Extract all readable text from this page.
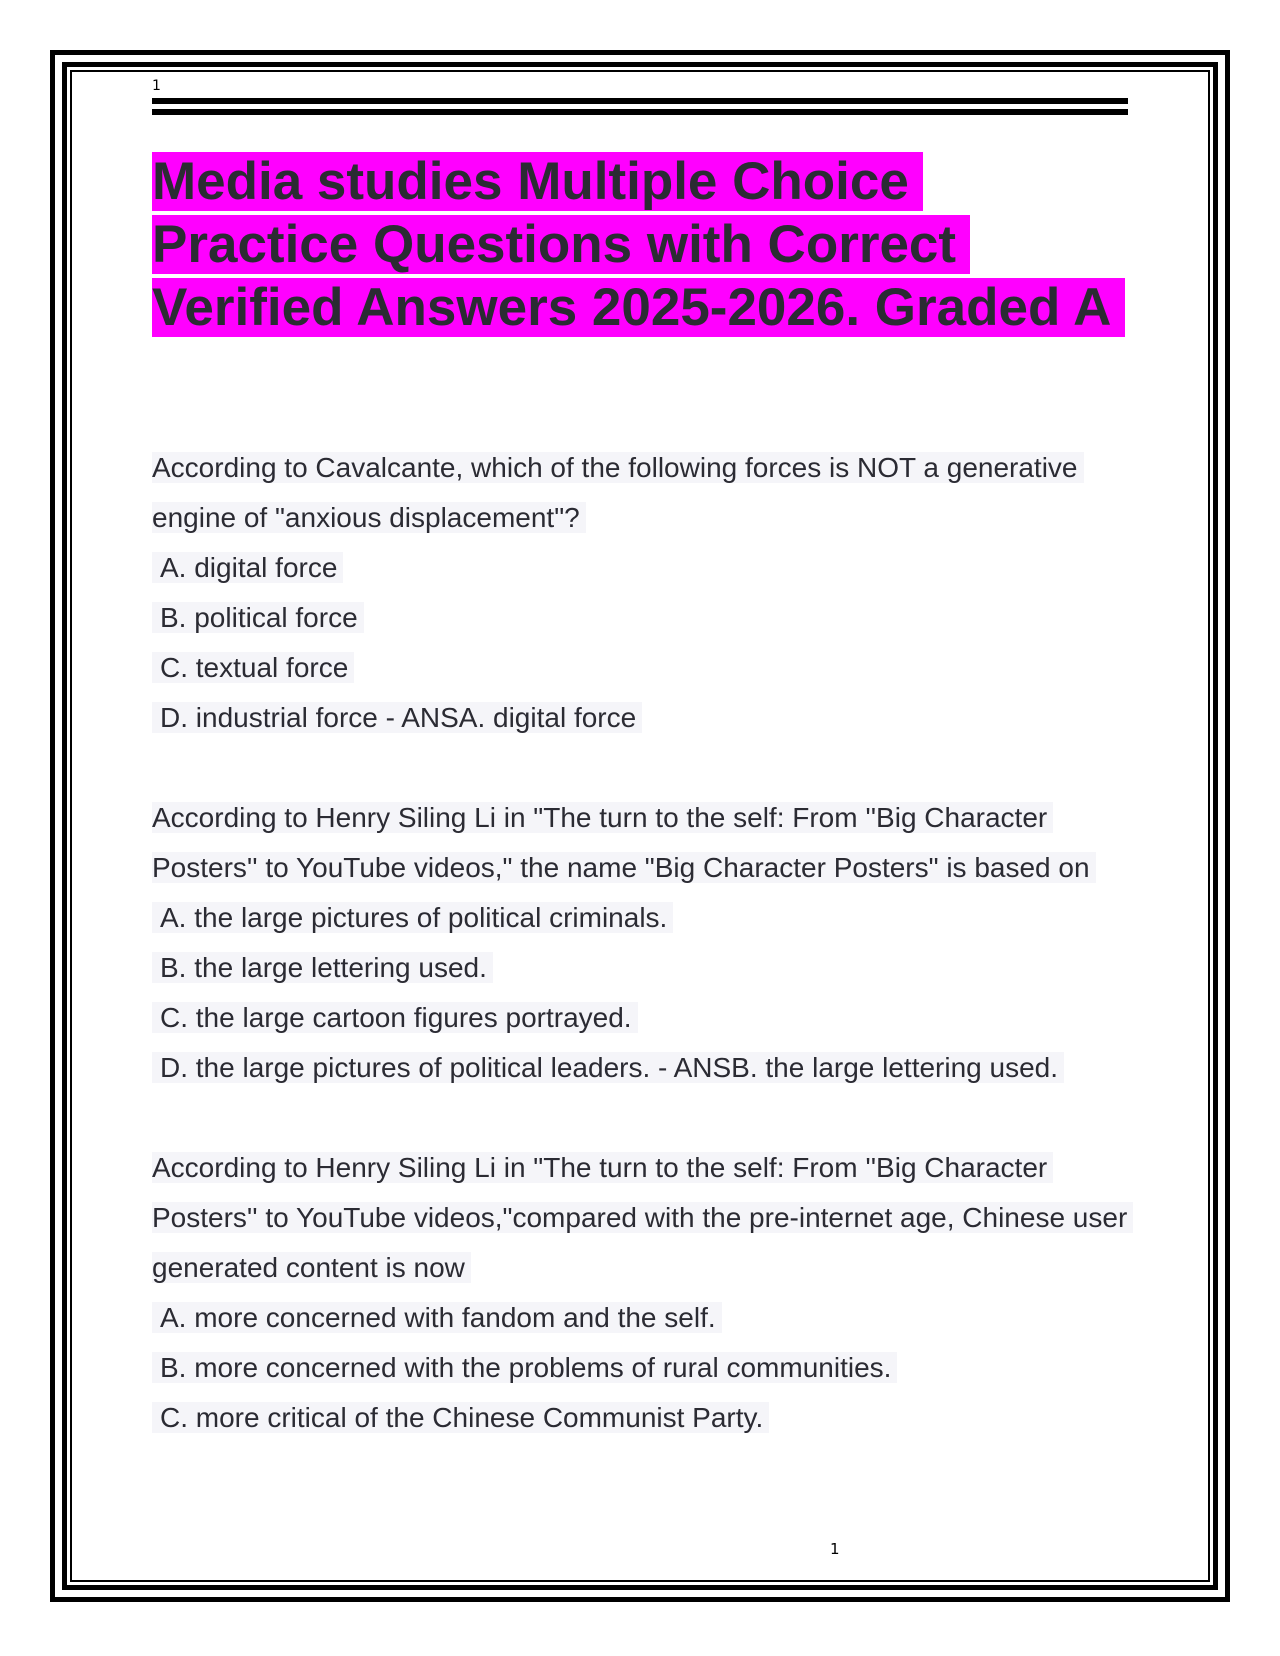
1
Media studies Multiple Choice Practice Questions with Correct Verified Answers 2025-2026. Graded A

According to Cavalcante, which of the following forces is NOT a generative engine of "anxious displacement"?

A. digital force

B. political force

C. textual force

D. industrial force - ANSA. digital force

According to Henry Siling Li in "The turn to the self: From ''Big Character Posters'' to YouTube videos," the name "Big Character Posters" is based on

A. the large pictures of political criminals.

B. the large lettering used.

C. the large cartoon figures portrayed.

D. the large pictures of political leaders. - ANSB. the large lettering used.

According to Henry Siling Li in "The turn to the self: From ''Big Character Posters'' to YouTube videos,"compared with the pre-internet age, Chinese user generated content is now

A. more concerned with fandom and the self.

B. more concerned with the problems of rural communities.

C. more critical of the Chinese Communist Party.

1
